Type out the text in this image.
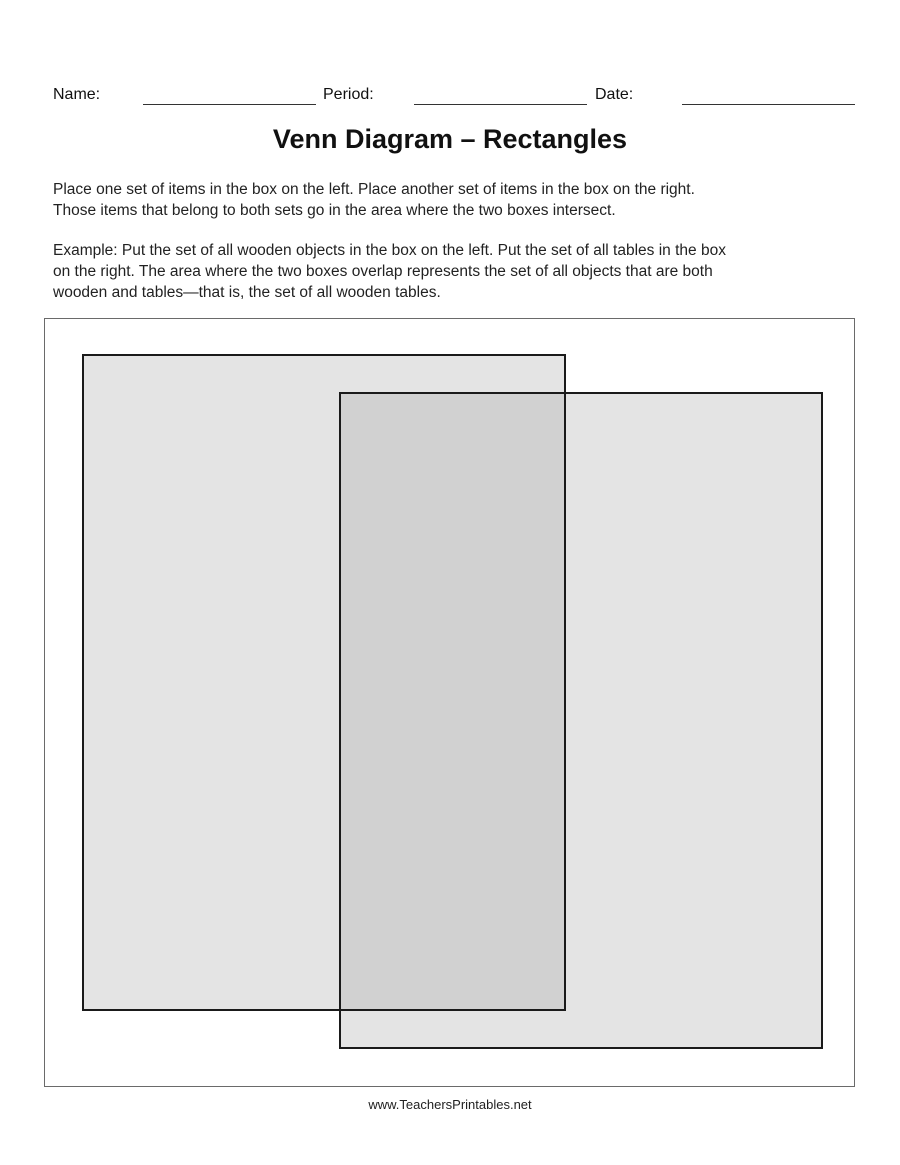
Name:	Period:	Date:
Venn Diagram – Rectangles
Place one set of items in the box on the left. Place another set of items in the box on the right.
Those items that belong to both sets go in the area where the two boxes intersect.
Example: Put the set of all wooden objects in the box on the left. Put the set of all tables in the box
on the right. The area where the two boxes overlap represents the set of all objects that are both
wooden and tables—that is, the set of all wooden tables.
www.TeachersPrintables.net
